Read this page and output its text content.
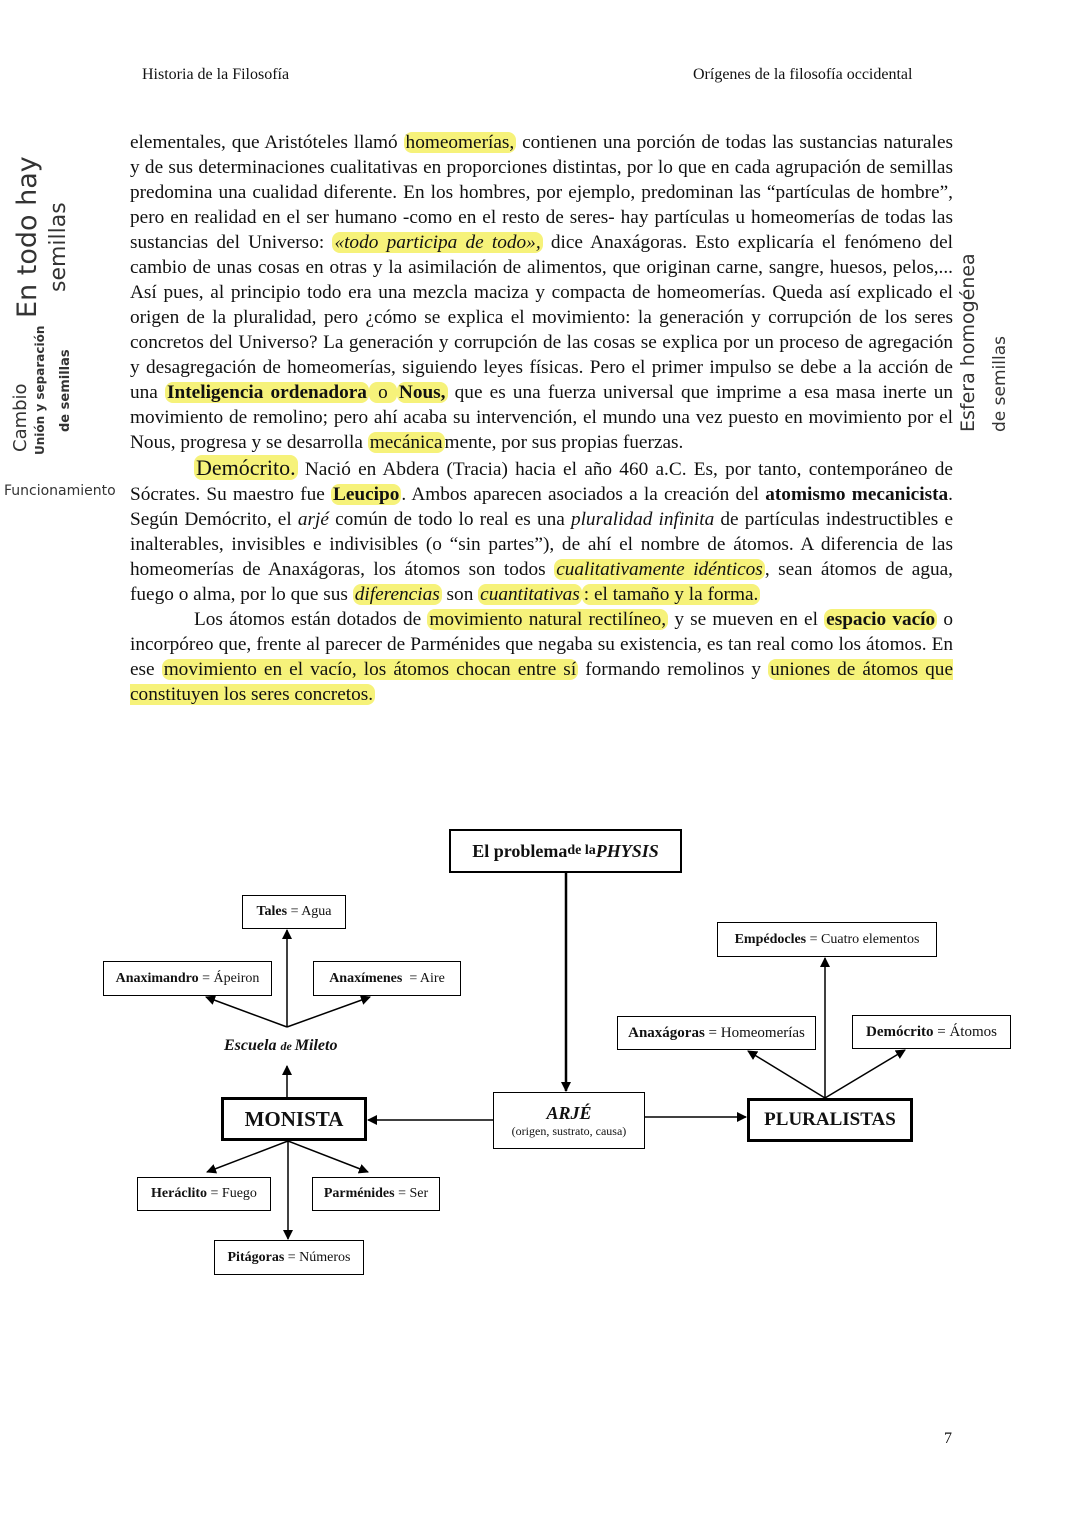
Historia de la Filosofía	Orígenes de la filosofía occidental

elementales, que Aristóteles llamó homeomerías, contienen una porción de todas las sustancias naturales y de sus determinaciones cualitativas en proporciones distintas, por lo que en cada agrupación de semillas predomina una cualidad diferente. En los hombres, por ejemplo, predominan las “partículas de hombre”, pero en realidad en el ser humano -como en el resto de seres- hay partículas u homeomerías de todas las sustancias del Universo: «todo participa de todo», dice Anaxágoras. Esto explicaría el fenómeno del cambio de unas cosas en otras y la asimilación de alimentos, que originan carne, sangre, huesos, pelos,... Así pues, al principio todo era una mezcla maciza y compacta de homeomerías. Queda así explicado el origen de la pluralidad, pero ¿cómo se explica el movimiento: la generación y corrupción de los seres concretos del Universo? La generación y corrupción de las cosas se explica por un proceso de agregación y desagregación de homeomerías, siguiendo leyes físicas. Pero el primer impulso se debe a la acción de una Inteligencia ordenadora o Nous, que es una fuerza universal que imprime a esa masa inerte un movimiento de remolino; pero ahí acaba su intervención, el mundo una vez puesto en movimiento por el Nous, progresa y se desarrolla mecánica mente, por sus propias fuerzas.

Demócrito. Nació en Abdera (Tracia) hacia el año 460 a.C. Es, por tanto, contemporáneo de Sócrates. Su maestro fue Leucipo . Ambos aparecen asociados a la creación del atomismo mecanicista. Según Demócrito, el arjé común de todo lo real es una pluralidad infinita de partículas indestructibles e inalterables, invisibles e indivisibles (o “sin partes”), de ahí el nombre de átomos. A diferencia de las homeomerías de Anaxágoras, los átomos son todos cualitativamente idénticos , sean átomos de agua, fuego o alma, por lo que sus diferencias son cuantitativas : el tamaño y la forma.

Los átomos están dotados de movimiento natural rectilíneo, y se mueven en el espacio vacío o incorpóreo que, frente al parecer de Parménides que negaba su existencia, es tan real como los átomos. En ese movimiento en el vacío, los átomos chocan entre sí formando remolinos y uniones de átomos que constituyen los seres concretos.

En todo hay semillas
Cambio Unión y separación de semillas
Funcionamiento
Esfera homogénea de semillas
El problema de la PHYSIS
ARJÉ
(origen, sustrato, causa)
MONISTA	PLURALISTAS
Escuela de Mileto
Tales = Agua
Anaximandro = Ápeiron	Anaxímenes = Aire
Heráclito = Fuego	Parménides = Ser
Pitágoras = Números
Empédocles = Cuatro elementos
Anaxágoras = Homeomerías	Demócrito = Átomos
7
